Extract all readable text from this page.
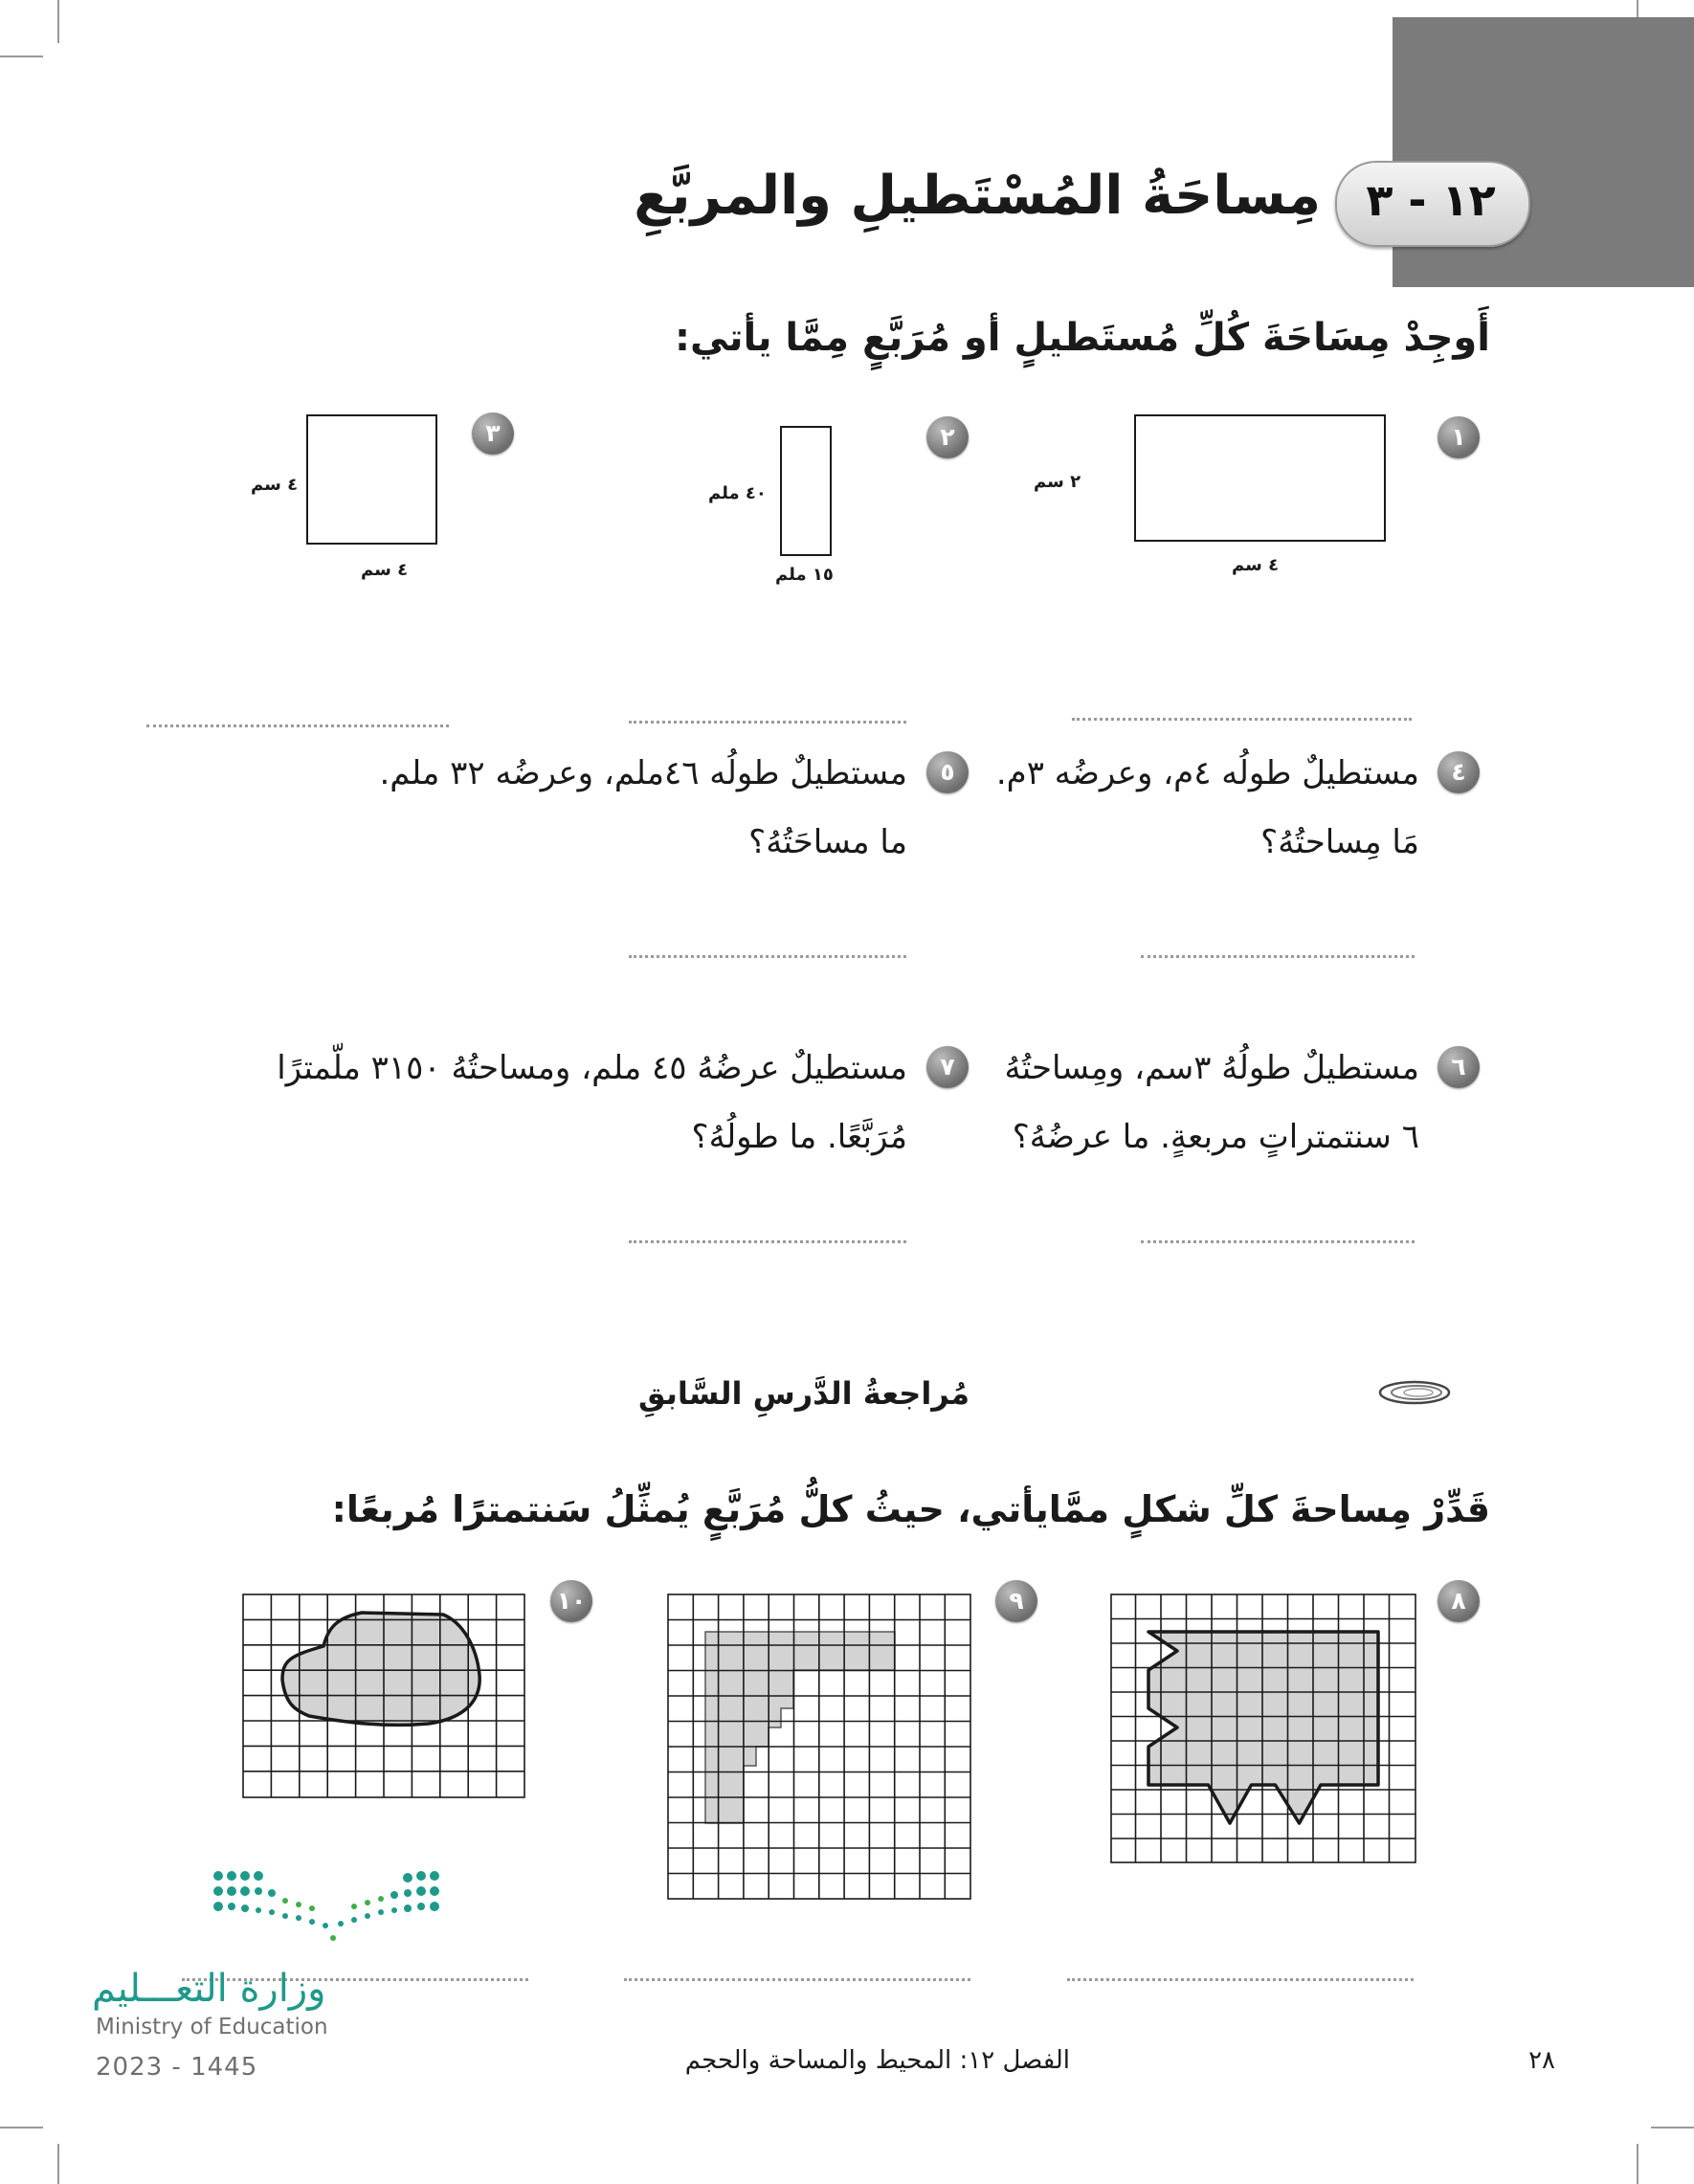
١٢ - ٣
مِساحَةُ المُسْتَطيلِ والمربَّعِ
أَوجِدْ مِسَاحَةَ كُلِّ مُستَطيلٍ أو مُرَبَّعٍ مِمَّا يأتي:
١
٢ سم
٤ سم
٢
٤٠ ملم
١٥ ملم
٣
٤ سم
٤ سم
٤
مستطيلٌ طولُه ٤م، وعرضُه ٣م.
مَا مِساحتُهُ؟
٥
مستطيلٌ طولُه ٤٦ملم، وعرضُه ٣٢ ملم.
ما مساحَتُهُ؟
٦
مستطيلٌ طولُهُ ٣سم، ومِساحتُهُ
٦ سنتمتراتٍ مربعةٍ. ما عرضُهُ؟
٧
مستطيلٌ عرضُهُ ٤٥ ملم، ومساحتُهُ ٣١٥٠ ملّمترًا
مُرَبَّعًا. ما طولُهُ؟
مُراجعةُ الدَّرسِ السَّابقِ
قَدِّرْ مِساحةَ كلِّ شكلٍ ممَّايأتي، حيثُ كلُّ مُرَبَّعٍ يُمثِّلُ سَنتمترًا مُربعًا:
٨
٩
١٠
وزارة التعـــليم
Ministry of Education
2023 - 1445	الفصل ١٢: المحيط والمساحة والحجم	٢٨
